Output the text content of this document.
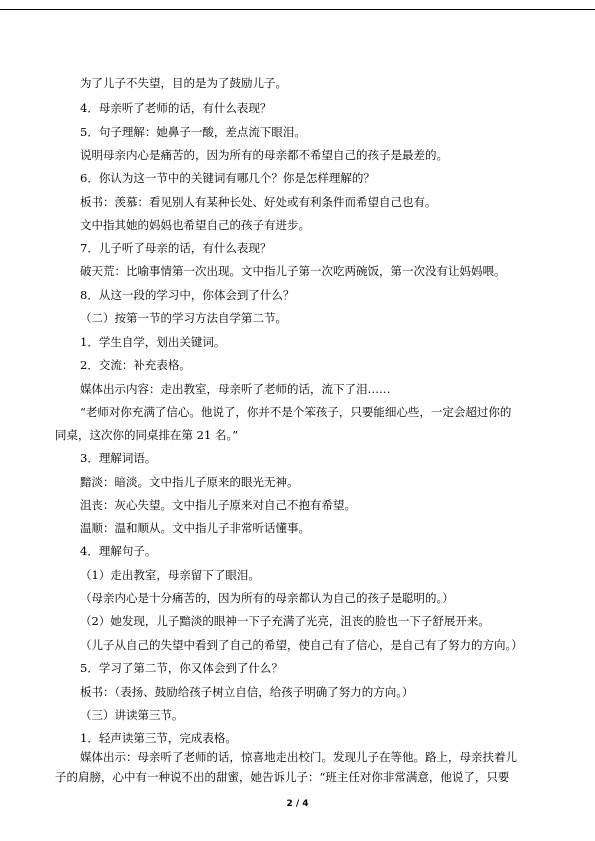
为了儿子不失望，目的是为了鼓励儿子。
4．母亲听了老师的话，有什么表现？
5．句子理解：她鼻子一酸，差点流下眼泪。
说明母亲内心是痛苦的，因为所有的母亲都不希望自己的孩子是最差的。
6．你认为这一节中的关键词有哪几个？你是怎样理解的？
板书：羡慕：看见别人有某种长处、好处或有利条件而希望自己也有。
文中指其她的妈妈也希望自己的孩子有进步。
7．儿子听了母亲的话，有什么表现？
破天荒：比喻事情第一次出现。文中指儿子第一次吃两碗饭，第一次没有让妈妈喂。
8．从这一段的学习中，你体会到了什么？
（二）按第一节的学习方法自学第二节。
1．学生自学，划出关键词。
2．交流：补充表格。
媒体出示内容：走出教室，母亲听了老师的话，流下了泪……
“老师对你充满了信心。他说了，你并不是个笨孩子，只要能细心些，一定会超过你的
同桌，这次你的同桌排在第 21 名。”
3．理解词语。
黯淡：暗淡。文中指儿子原来的眼光无神。
沮丧：灰心失望。文中指儿子原来对自己不抱有希望。
温顺：温和顺从。文中指儿子非常听话懂事。
4．理解句子。
（1）走出教室，母亲留下了眼泪。
（母亲内心是十分痛苦的，因为所有的母亲都认为自己的孩子是聪明的。）
（2）她发现，儿子黯淡的眼神一下子充满了光亮，沮丧的脸也一下子舒展开来。
（儿子从自己的失望中看到了自己的希望，使自己有了信心，是自己有了努力的方向。）
5．学习了第二节，你又体会到了什么？
板书：（表扬、鼓励给孩子树立自信，给孩子明确了努力的方向。）
（三）讲读第三节。
1．轻声读第三节，完成表格。
媒体出示：母亲听了老师的话，惊喜地走出校门。发现儿子在等他。路上，母亲扶着儿
子的肩膀，心中有一种说不出的甜蜜，她告诉儿子：“班主任对你非常满意，他说了，只要
2 / 4
